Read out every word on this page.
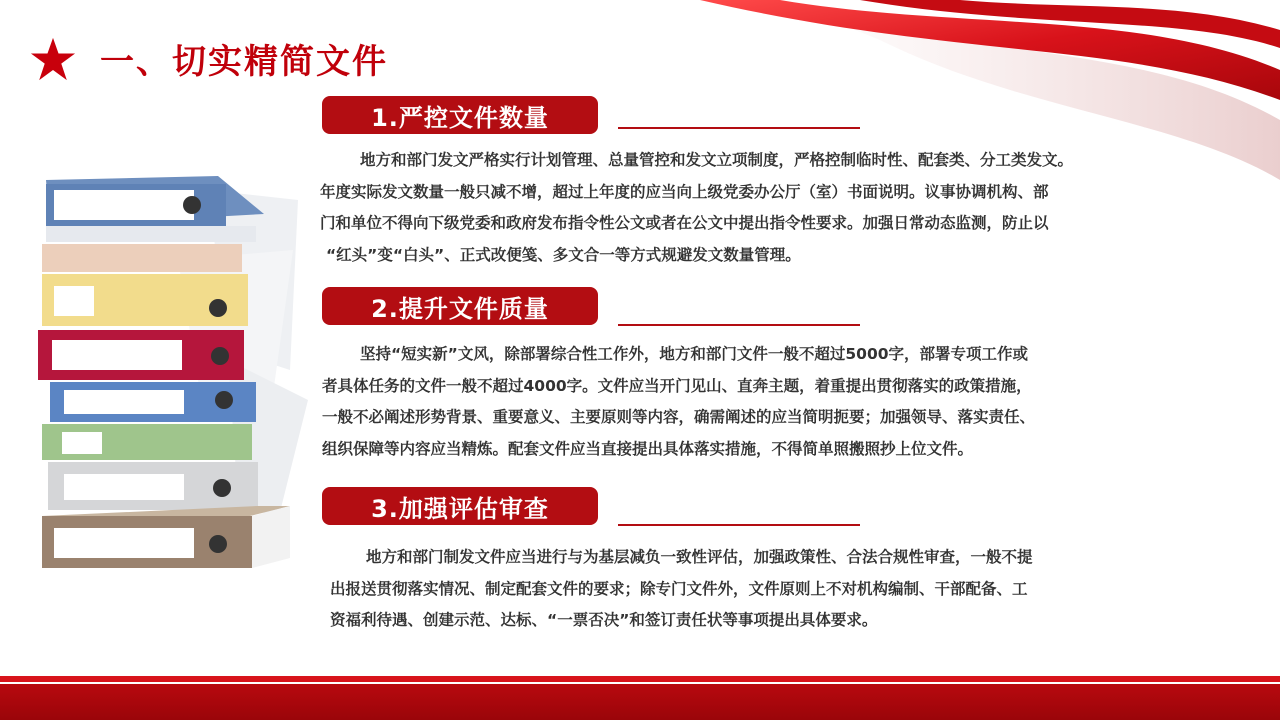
一、切实精简文件
1.严控文件数量
地方和部门发文严格实行计划管理、总量管控和发文立项制度，严格控制临时性、配套类、分工类发文。
年度实际发文数量一般只减不增，超过上年度的应当向上级党委办公厅（室）书面说明。议事协调机构、部
门和单位不得向下级党委和政府发布指令性公文或者在公文中提出指令性要求。加强日常动态监测，防止以
“红头”变“白头”、正式改便笺、多文合一等方式规避发文数量管理。
2.提升文件质量
坚持“短实新”文风，除部署综合性工作外，地方和部门文件一般不超过5000字，部署专项工作或
者具体任务的文件一般不超过4000字。文件应当开门见山、直奔主题，着重提出贯彻落实的政策措施，
一般不必阐述形势背景、重要意义、主要原则等内容，确需阐述的应当简明扼要；加强领导、落实责任、
组织保障等内容应当精炼。配套文件应当直接提出具体落实措施，不得简单照搬照抄上位文件。
3.加强评估审查
地方和部门制发文件应当进行与为基层减负一致性评估，加强政策性、合法合规性审查，一般不提
出报送贯彻落实情况、制定配套文件的要求；除专门文件外，文件原则上不对机构编制、干部配备、工
资福利待遇、创建示范、达标、“一票否决”和签订责任状等事项提出具体要求。
